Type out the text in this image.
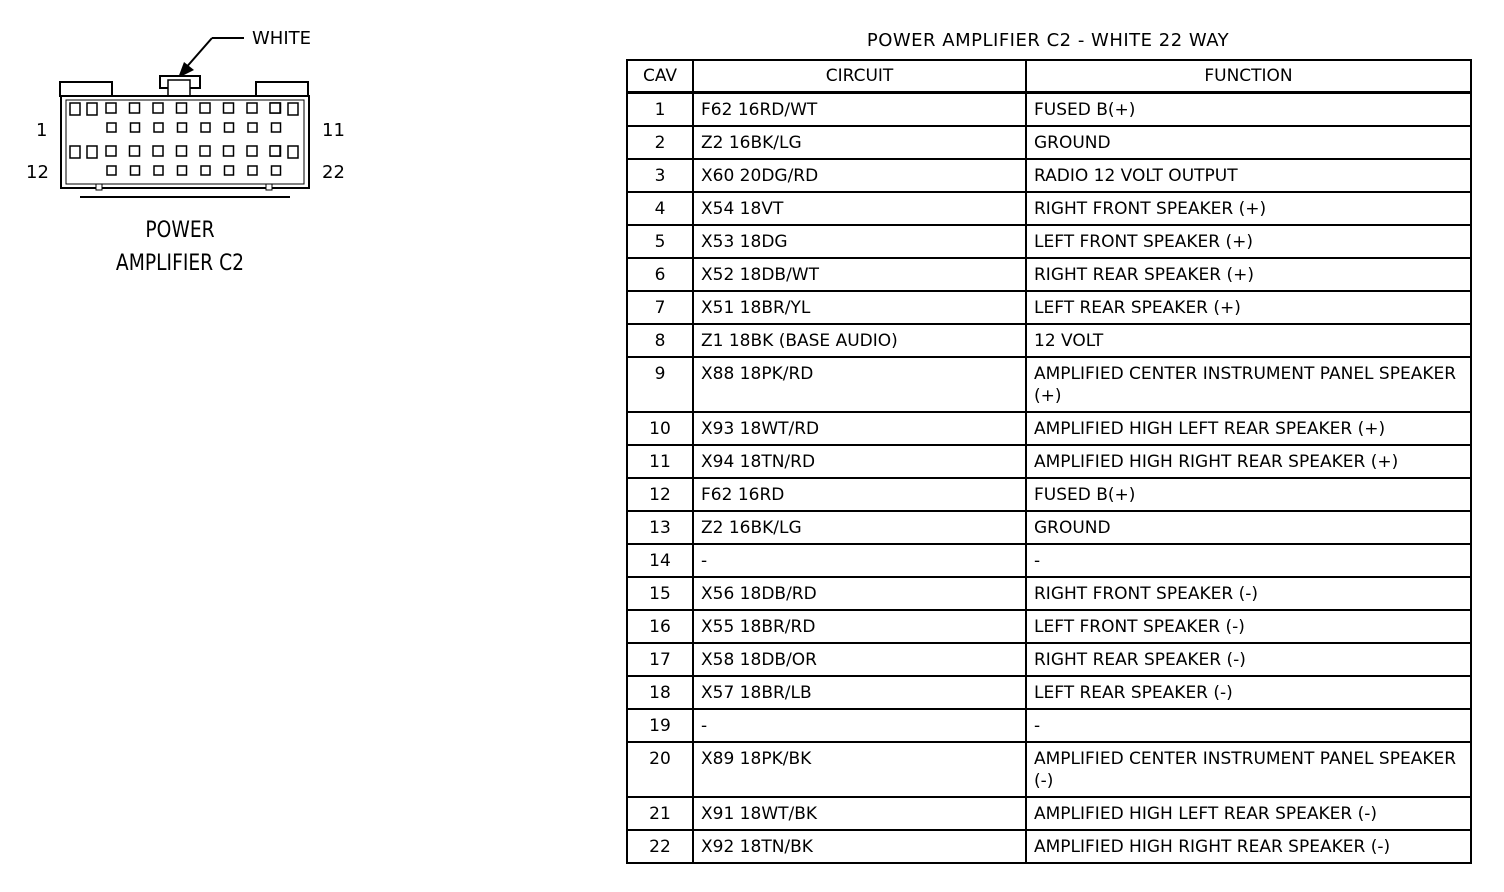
WHITE
1	11
12	22
POWER
AMPLIFIER C2
POWER AMPLIFIER C2 - WHITE 22 WAY
CAV	CIRCUIT	FUNCTION
1	F62 16RD/WT	FUSED B(+)
2	Z2 16BK/LG	GROUND
3	X60 20DG/RD	RADIO 12 VOLT OUTPUT
4	X54 18VT	RIGHT FRONT SPEAKER (+)
5	X53 18DG	LEFT FRONT SPEAKER (+)
6	X52 18DB/WT	RIGHT REAR SPEAKER (+)
7	X51 18BR/YL	LEFT REAR SPEAKER (+)
8	Z1 18BK (BASE AUDIO)	12 VOLT
9	X88 18PK/RD	AMPLIFIED CENTER INSTRUMENT PANEL SPEAKER (+)
10	X93 18WT/RD	AMPLIFIED HIGH LEFT REAR SPEAKER (+)
11	X94 18TN/RD	AMPLIFIED HIGH RIGHT REAR SPEAKER (+)
12	F62 16RD	FUSED B(+)
13	Z2 16BK/LG	GROUND
14	-	-
15	X56 18DB/RD	RIGHT FRONT SPEAKER (-)
16	X55 18BR/RD	LEFT FRONT SPEAKER (-)
17	X58 18DB/OR	RIGHT REAR SPEAKER (-)
18	X57 18BR/LB	LEFT REAR SPEAKER (-)
19	-	-
20	X89 18PK/BK	AMPLIFIED CENTER INSTRUMENT PANEL SPEAKER (-)
21	X91 18WT/BK	AMPLIFIED HIGH LEFT REAR SPEAKER (-)
22	X92 18TN/BK	AMPLIFIED HIGH RIGHT REAR SPEAKER (-)
